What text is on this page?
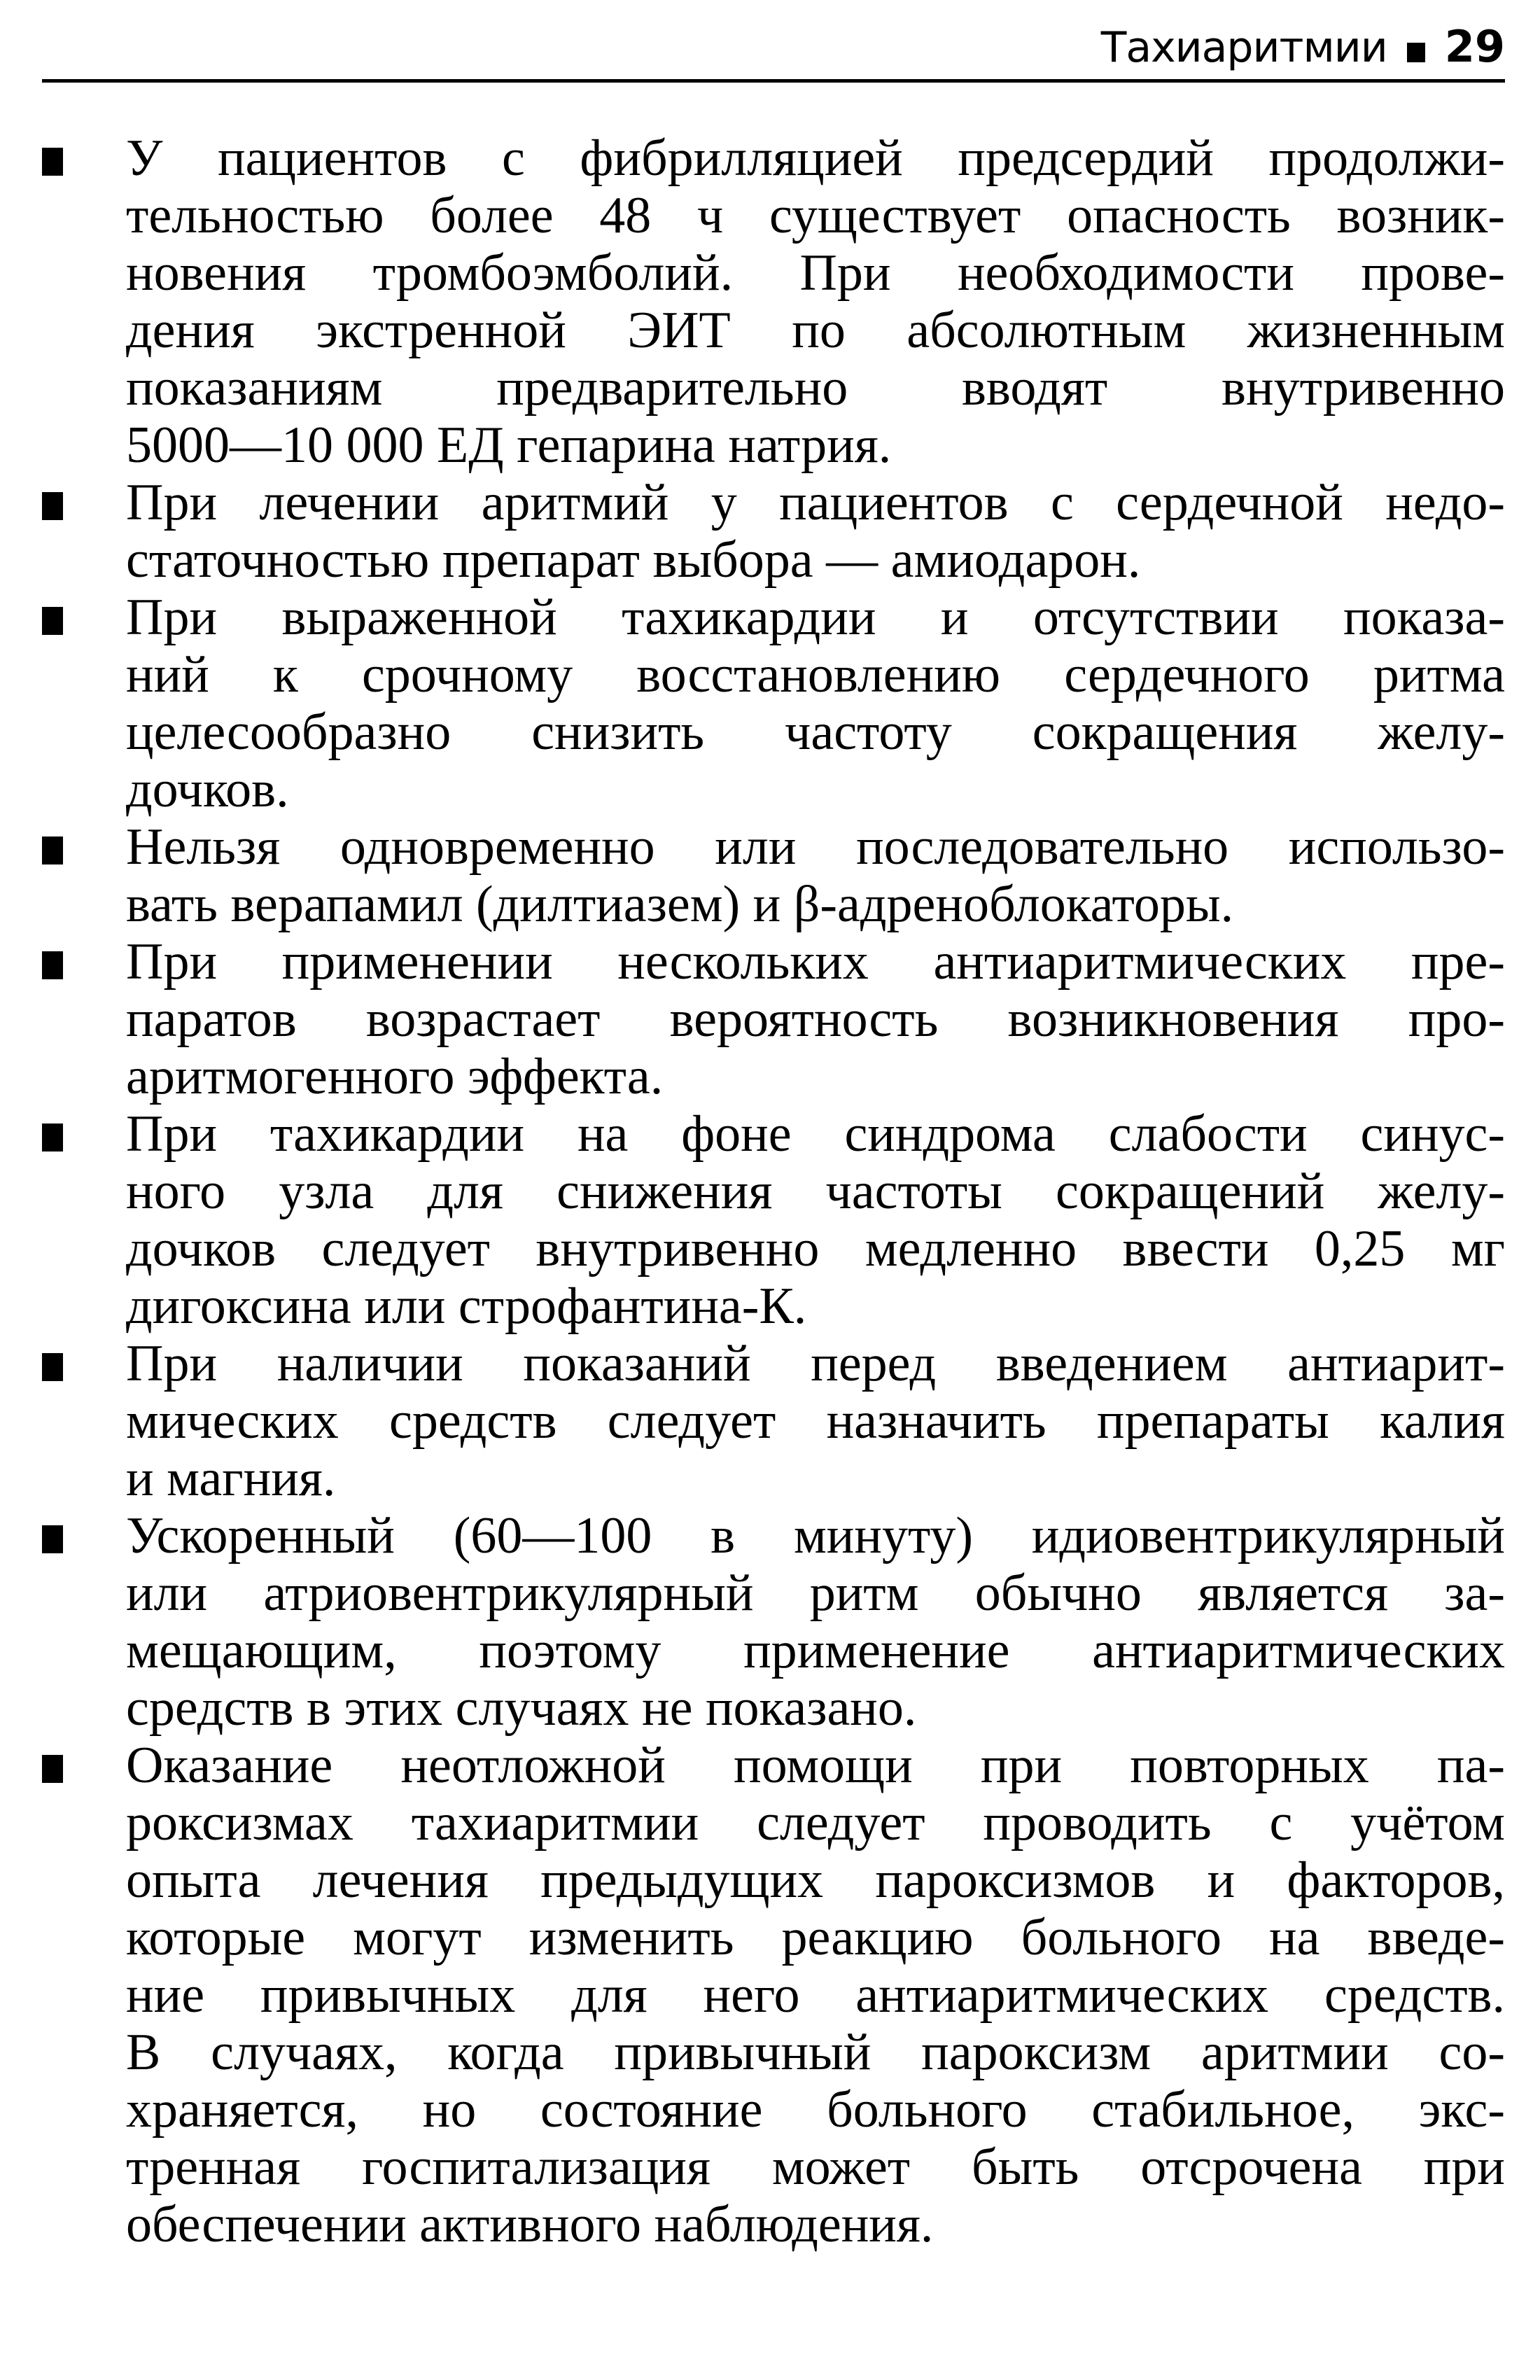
Тахиаритмии 29
У пациентов с фибрилляцией предсердий продолжи-
тельностью более 48 ч существует опасность возник-
новения тромбоэмболий. При необходимости прове-
дения экстренной ЭИТ по абсолютным жизненным
показаниям предварительно вводят внутривенно
5000—10 000 ЕД гепарина натрия.
При лечении аритмий у пациентов с сердечной недо-
статочностью препарат выбора — амиодарон.
При выраженной тахикардии и отсутствии показа-
ний к срочному восстановлению сердечного ритма
целесообразно снизить частоту сокращения желу-
дочков.
Нельзя одновременно или последовательно использо-
вать верапамил (дилтиазем) и β-адреноблокаторы.
При применении нескольких антиаритмических пре-
паратов возрастает вероятность возникновения про-
аритмогенного эффекта.
При тахикардии на фоне синдрома слабости синус-
ного узла для снижения частоты сокращений желу-
дочков следует внутривенно медленно ввести 0,25 мг
дигоксина или строфантина-К.
При наличии показаний перед введением антиарит-
мических средств следует назначить препараты калия
и магния.
Ускоренный (60—100 в минуту) идиовентрикулярный
или атриовентрикулярный ритм обычно является за-
мещающим, поэтому применение антиаритмических
средств в этих случаях не показано.
Оказание неотложной помощи при повторных па-
роксизмах тахиаритмии следует проводить с учётом
опыта лечения предыдущих пароксизмов и факторов,
которые могут изменить реакцию больного на введе-
ние привычных для него антиаритмических средств.
В случаях, когда привычный пароксизм аритмии со-
храняется, но состояние больного стабильное, экс-
тренная госпитализация может быть отсрочена при
обеспечении активного наблюдения.
